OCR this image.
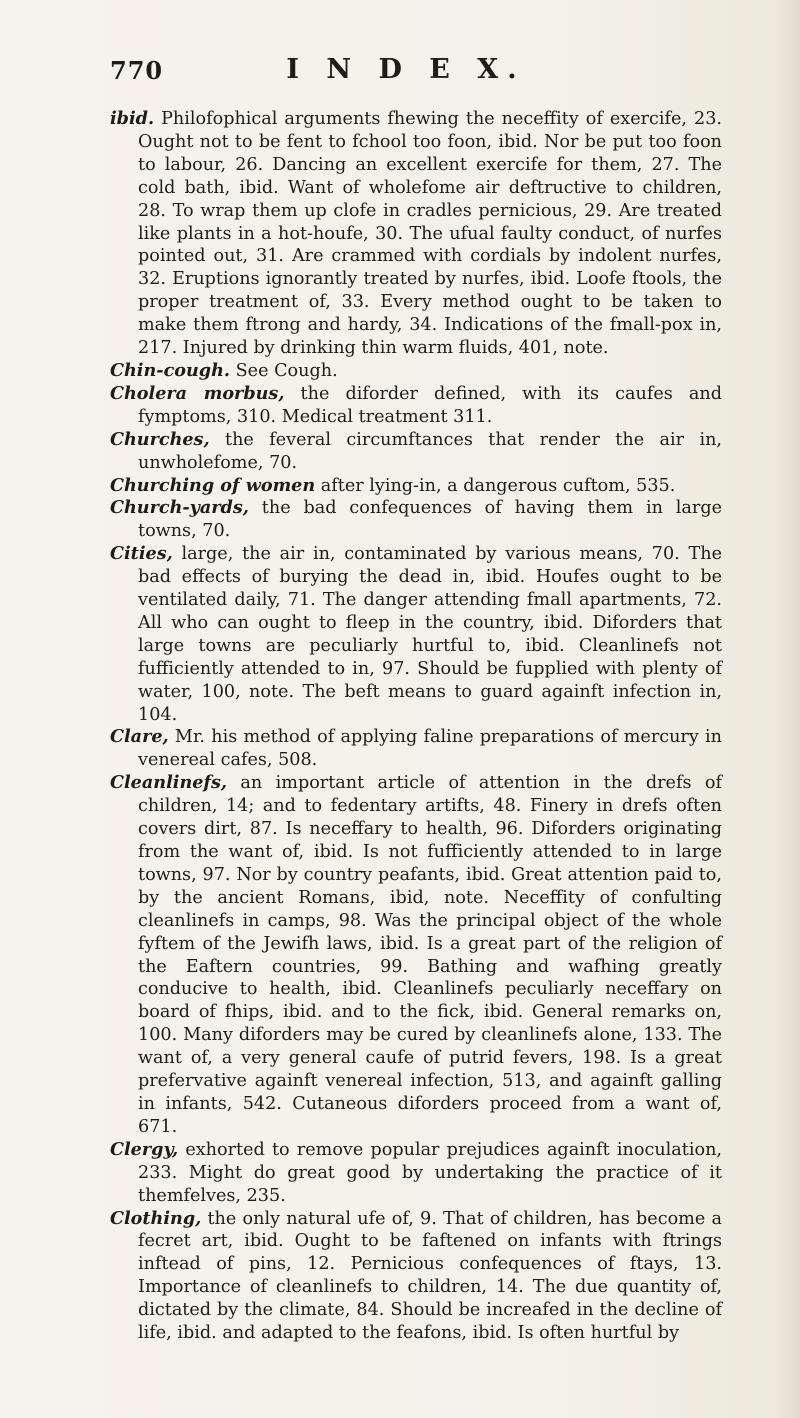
770	I N D E X.

ibid. Philofophical arguments fhewing the neceffity of exercife, 23. Ought not to be fent to fchool too foon, ibid. Nor be put too foon to labour, 26. Dancing an excellent exercife for them, 27. The cold bath, ibid. Want of wholefome air deftructive to children, 28. To wrap them up clofe in cradles pernicious, 29. Are treated like plants in a hot-houfe, 30. The ufual faulty conduct, of nurfes pointed out, 31. Are crammed with cordials by indolent nurfes, 32. Eruptions ignorantly treated by nurfes, ibid. Loofe ftools, the proper treatment of, 33. Every method ought to be taken to make them ftrong and hardy, 34. Indications of the fmall-pox in, 217. Injured by drinking thin warm fluids, 401, note.

Chin-cough. See Cough.

Cholera morbus, the diforder defined, with its caufes and fymptoms, 310. Medical treatment 311.

Churches, the feveral circumftances that render the air in, unwholefome, 70.

Churching of women after lying-in, a dangerous cuftom, 535.

Church-yards, the bad confequences of having them in large towns, 70.

Cities, large, the air in, contaminated by various means, 70. The bad effects of burying the dead in, ibid. Houfes ought to be ventilated daily, 71. The danger attending fmall apartments, 72. All who can ought to fleep in the country, ibid. Diforders that large towns are peculiarly hurtful to, ibid. Cleanlinefs not fufficiently attended to in, 97. Should be fupplied with plenty of water, 100, note. The beft means to guard againft infection in, 104.

Clare, Mr. his method of applying faline preparations of mercury in venereal cafes, 508.

Cleanlinefs, an important article of attention in the drefs of children, 14; and to fedentary artifts, 48. Finery in drefs often covers dirt, 87. Is neceffary to health, 96. Diforders originating from the want of, ibid. Is not fufficiently attended to in large towns, 97. Nor by country peafants, ibid. Great attention paid to, by the ancient Romans, ibid, note. Neceffity of confulting cleanlinefs in camps, 98. Was the principal object of the whole fyftem of the Jewifh laws, ibid. Is a great part of the religion of the Eaftern countries, 99. Bathing and wafhing greatly conducive to health, ibid. Cleanlinefs peculiarly neceffary on board of fhips, ibid. and to the fick, ibid. General remarks on, 100. Many diforders may be cured by cleanlinefs alone, 133. The want of, a very general caufe of putrid fevers, 198. Is a great prefervative againft venereal infection, 513, and againft galling in infants, 542. Cutaneous diforders proceed from a want of, 671.

Clergy, exhorted to remove popular prejudices againft inoculation, 233. Might do great good by undertaking the practice of it themfelves, 235.

Clothing, the only natural ufe of, 9. That of children, has become a fecret art, ibid. Ought to be faftened on infants with ftrings inftead of pins, 12. Pernicious confequences of ftays, 13. Importance of cleanlinefs to children, 14. The due quantity of, dictated by the climate, 84. Should be increafed in the decline of life, ibid. and adapted to the feafons, ibid. Is often hurtful by
